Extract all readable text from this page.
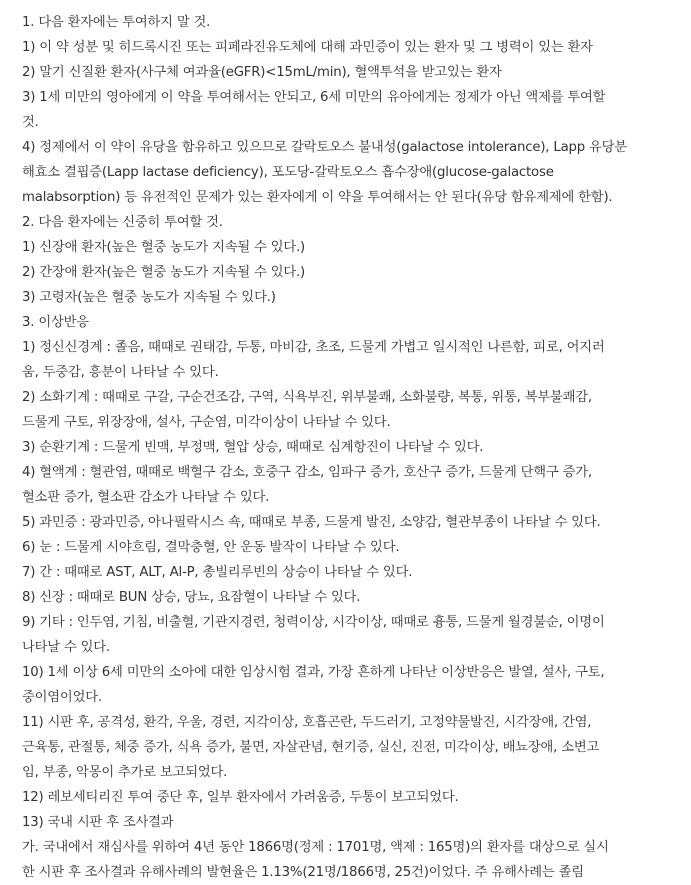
1. 다음 환자에는 투여하지 말 것.

1) 이 약 성분 및 히드록시진 또는 피페라진유도체에 대해 과민증이 있는 환자 및 그 병력이 있는 환자

2) 말기 신질환 환자(사구체 여과율(eGFR)<15mL/min), 혈액투석을 받고있는 환자

3) 1세 미만의 영아에게 이 약을 투여해서는 안되고, 6세 미만의 유아에게는 정제가 아닌 액제를 투여할
것.

4) 정제에서 이 약이 유당을 함유하고 있으므로 갈락토오스 불내성(galactose intolerance), Lapp 유당분
해효소 결핍증(Lapp lactase deficiency), 포도당-갈락토오스 흡수장애(glucose-galactose
malabsorption) 등 유전적인 문제가 있는 환자에게 이 약을 투여해서는 안 된다(유당 함유제제에 한함).

2. 다음 환자에는 신중히 투여할 것.

1) 신장애 환자(높은 혈중 농도가 지속될 수 있다.)

2) 간장애 환자(높은 혈중 농도가 지속될 수 있다.)

3) 고령자(높은 혈중 농도가 지속될 수 있다.)

3. 이상반응

1) 정신신경계 : 졸음, 때때로 권태감, 두통, 마비감, 초조, 드물게 가볍고 일시적인 나른함, 피로, 어지러
움, 두중감, 흥분이 나타날 수 있다.

2) 소화기계 : 때때로 구갈, 구순건조감, 구역, 식욕부진, 위부불쾌, 소화불량, 복통, 위통, 복부불쾌감,
드물게 구토, 위장장애, 설사, 구순염, 미각이상이 나타날 수 있다.

3) 순환기계 : 드물게 빈맥, 부정맥, 혈압 상승, 때때로 심계항진이 나타날 수 있다.

4) 혈액계 : 혈관염, 때때로 백혈구 감소, 호중구 감소, 임파구 증가, 호산구 증가, 드물게 단핵구 증가,
혈소판 증가, 혈소판 감소가 나타날 수 있다.

5) 과민증 : 광과민증, 아나필락시스 쇽, 때때로 부종, 드물게 발진, 소양감, 혈관부종이 나타날 수 있다.

6) 눈 : 드물게 시야흐림, 결막충혈, 안 운동 발작이 나타날 수 있다.

7) 간 : 때때로 AST, ALT, Al-P, 총빌리루빈의 상승이 나타날 수 있다.

8) 신장 : 때때로 BUN 상승, 당뇨, 요잠혈이 나타날 수 있다.

9) 기타 : 인두염, 기침, 비출혈, 기관지경련, 청력이상, 시각이상, 때때로 흉통, 드물게 월경불순, 이명이
나타날 수 있다.

10) 1세 이상 6세 미만의 소아에 대한 임상시험 결과, 가장 흔하게 나타난 이상반응은 발열, 설사, 구토,
중이염이었다.

11) 시판 후, 공격성, 환각, 우울, 경련, 지각이상, 호흡곤란, 두드러기, 고정약물발진, 시각장애, 간염,
근육통, 관절통, 체중 증가, 식욕 증가, 불면, 자살관념, 현기증, 실신, 진전, 미각이상, 배뇨장애, 소변고
임, 부종, 악몽이 추가로 보고되었다.

12) 레보세티리진 투여 중단 후, 일부 환자에서 가려움증, 두통이 보고되었다.

13) 국내 시판 후 조사결과

가. 국내에서 재심사를 위하여 4년 동안 1866명(정제 : 1701명, 액제 : 165명)의 환자를 대상으로 실시
한 시판 후 조사결과 유해사례의 발현율은 1.13%(21명/1866명, 25건)이었다. 주 유해사례는 졸림
